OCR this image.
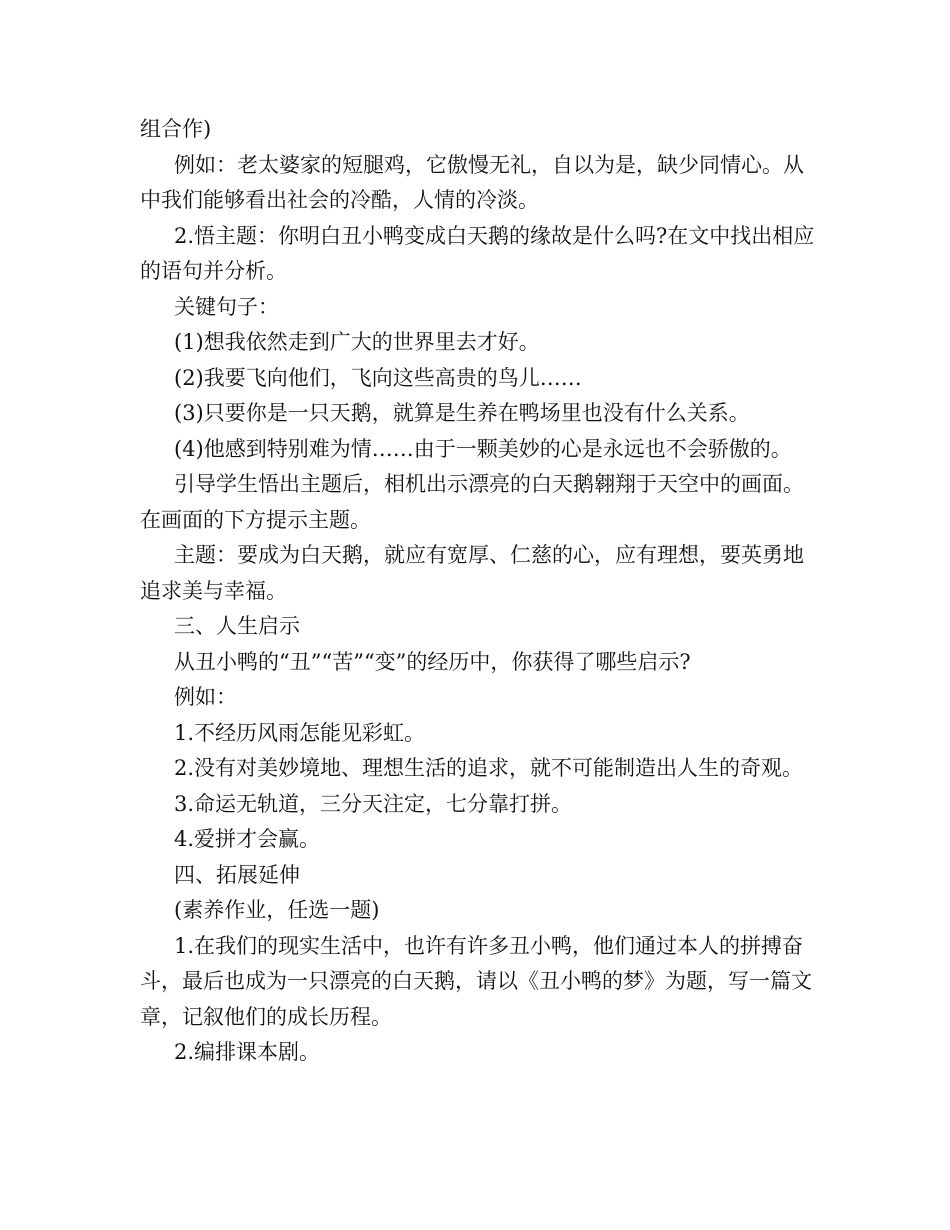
组合作)

例如：老太婆家的短腿鸡，它傲慢无礼，自以为是，缺少同情心。从中我们能够看出社会的冷酷，人情的冷淡。

2.悟主题：你明白丑小鸭变成白天鹅的缘故是什么吗?在文中找出相应的语句并分析。

关键句子：

(1)想我依然走到广大的世界里去才好。

(2)我要飞向他们，飞向这些高贵的鸟儿……

(3)只要你是一只天鹅，就算是生养在鸭场里也没有什么关系。

(4)他感到特别难为情……由于一颗美妙的心是永远也不会骄傲的。

引导学生悟出主题后，相机出示漂亮的白天鹅翱翔于天空中的画面。在画面的下方提示主题。

主题：要成为白天鹅，就应有宽厚、仁慈的心，应有理想，要英勇地追求美与幸福。

三、人生启示

从丑小鸭的“丑”“苦”“变”的经历中，你获得了哪些启示?

例如：

1.不经历风雨怎能见彩虹。

2.没有对美妙境地、理想生活的追求，就不可能制造出人生的奇观。

3.命运无轨道，三分天注定，七分靠打拼。

4.爱拼才会赢。

四、拓展延伸

(素养作业，任选一题)

1.在我们的现实生活中，也许有许多丑小鸭，他们通过本人的拼搏奋斗，最后也成为一只漂亮的白天鹅，请以《丑小鸭的梦》为题，写一篇文章，记叙他们的成长历程。

2.编排课本剧。
